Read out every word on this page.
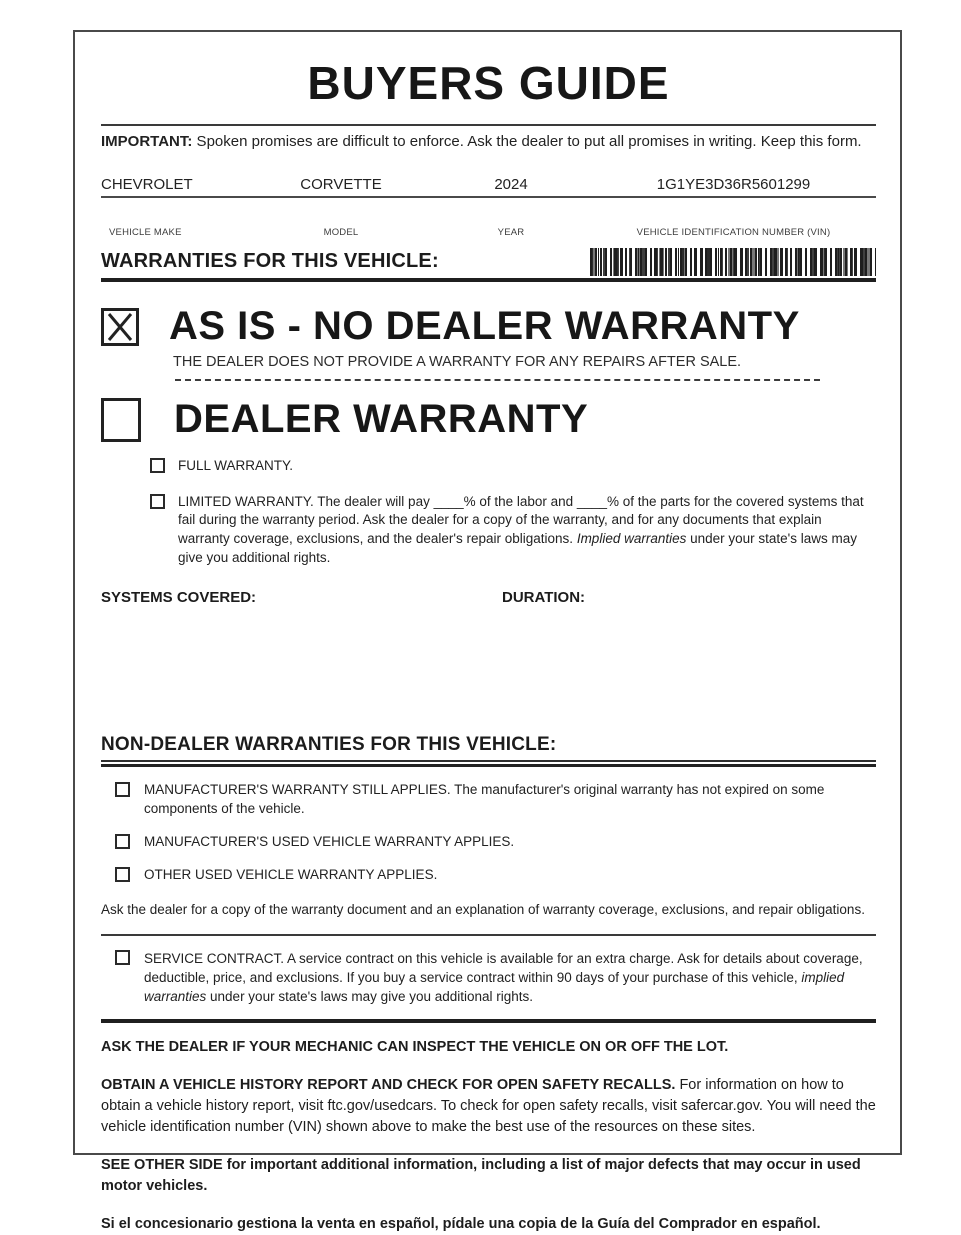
BUYERS GUIDE
IMPORTANT: Spoken promises are difficult to enforce. Ask the dealer to put all promises in writing. Keep this form.
CHEVROLET	CORVETTE	2024	1G1YE3D36R5601299
VEHICLE MAKE	MODEL	YEAR	VEHICLE IDENTIFICATION NUMBER (VIN)
WARRANTIES FOR THIS VEHICLE:
AS IS - NO DEALER WARRANTY
THE DEALER DOES NOT PROVIDE A WARRANTY FOR ANY REPAIRS AFTER SALE.
DEALER WARRANTY
FULL WARRANTY.
LIMITED WARRANTY. The dealer will pay ____% of the labor and ____% of the parts for the covered systems that fail during the warranty period. Ask the dealer for a copy of the warranty, and for any documents that explain warranty coverage, exclusions, and the dealer's repair obligations. Implied warranties under your state's laws may give you additional rights.
SYSTEMS COVERED:	DURATION:
NON-DEALER WARRANTIES FOR THIS VEHICLE:
MANUFACTURER'S WARRANTY STILL APPLIES. The manufacturer's original warranty has not expired on some components of the vehicle.
MANUFACTURER'S USED VEHICLE WARRANTY APPLIES.
OTHER USED VEHICLE WARRANTY APPLIES.
Ask the dealer for a copy of the warranty document and an explanation of warranty coverage, exclusions, and repair obligations.
SERVICE CONTRACT. A service contract on this vehicle is available for an extra charge. Ask for details about coverage, deductible, price, and exclusions. If you buy a service contract within 90 days of your purchase of this vehicle, implied warranties under your state's laws may give you additional rights.
ASK THE DEALER IF YOUR MECHANIC CAN INSPECT THE VEHICLE ON OR OFF THE LOT.
OBTAIN A VEHICLE HISTORY REPORT AND CHECK FOR OPEN SAFETY RECALLS. For information on how to obtain a vehicle history report, visit ftc.gov/usedcars. To check for open safety recalls, visit safercar.gov. You will need the vehicle identification number (VIN) shown above to make the best use of the resources on these sites.
SEE OTHER SIDE for important additional information, including a list of major defects that may occur in used motor vehicles.
Si el concesionario gestiona la venta en español, pídale una copia de la Guía del Comprador en español.
